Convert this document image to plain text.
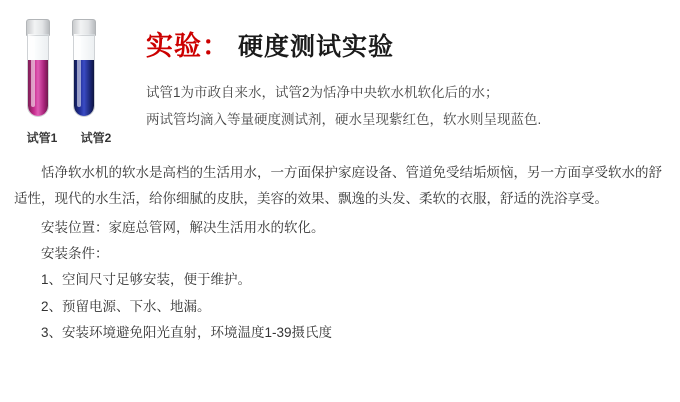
试管1	试管2
实验： 硬度测试实验
试管1为市政自来水，试管2为恬净中央软水机软化后的水；
两试管均滴入等量硬度测试剂，硬水呈现紫红色，软水则呈现蓝色.

恬净软水机的软水是高档的生活用水，一方面保护家庭设备、管道免受结垢烦恼，另一方面享受软水的舒适性，现代的水生活，给你细腻的皮肤，美容的效果、飘逸的头发、柔软的衣服，舒适的洗浴享受。

安装位置：家庭总管网，解决生活用水的软化。

安装条件：

1、空间尺寸足够安装，便于维护。

2、预留电源、下水、地漏。

3、安装环境避免阳光直射，环境温度1-39摄氏度
